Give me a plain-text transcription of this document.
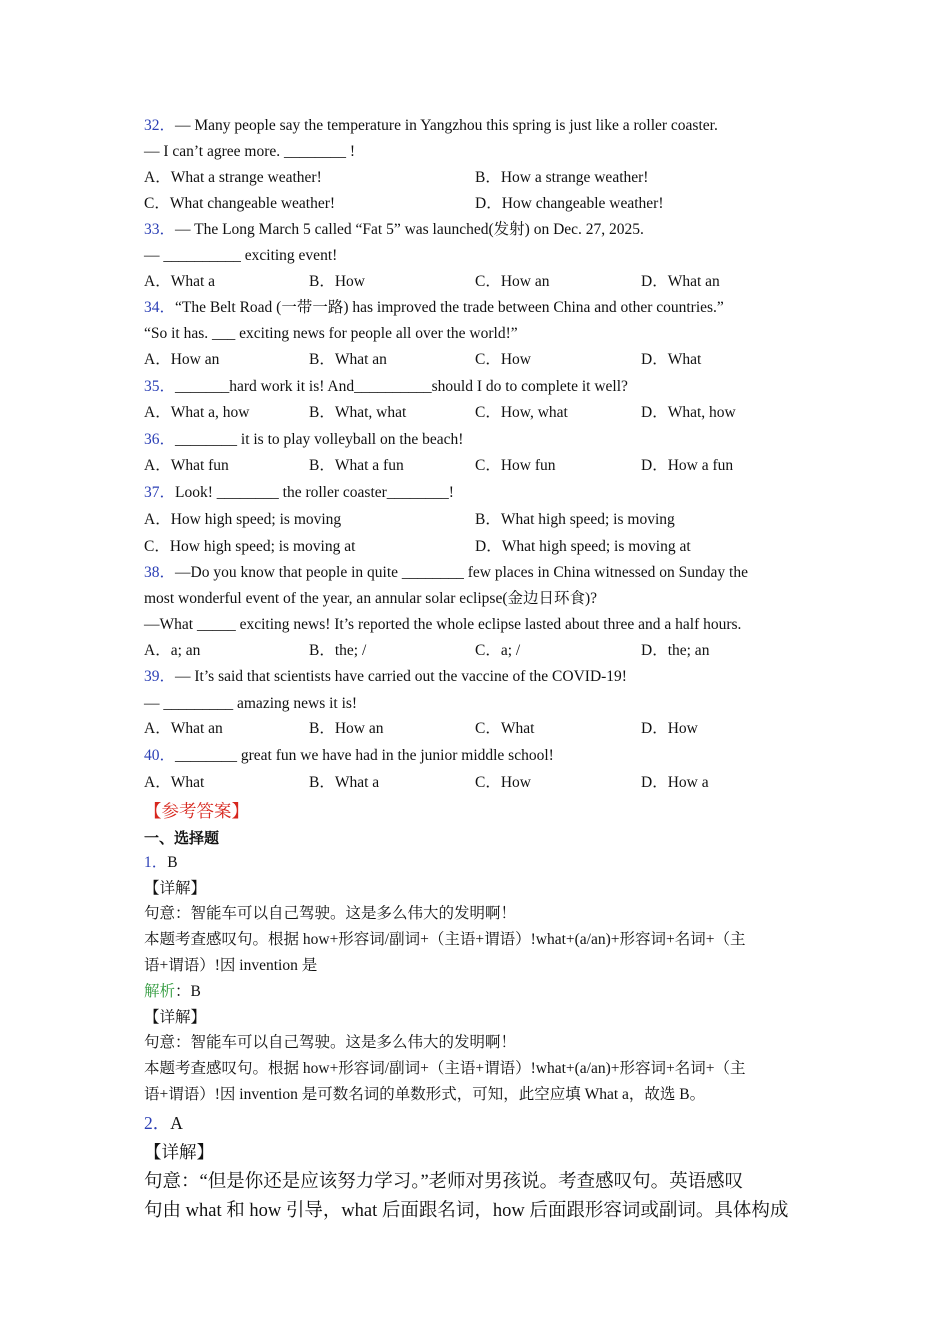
32．— Many people say the temperature in Yangzhou this spring is just like a roller coaster.
— I can’t agree more. ________ !
A．What a strange weather!	B．How a strange weather!
C．What changeable weather!	D．How changeable weather!
33．— The Long March 5 called “Fat 5” was launched(发射) on Dec. 27, 2025.
— __________ exciting event!
A．What a	B．How	C．How an	D．What an
34．“The Belt Road (一带一路) has improved the trade between China and other countries.”
“So it has. ___ exciting news for people all over the world!”
A．How an	B．What an	C．How	D．What
35．_______hard work it is! And__________should I do to complete it well?
A．What a, how	B．What, what	C．How, what	D．What, how
36．________ it is to play volleyball on the beach!
A．What fun	B．What a fun	C．How fun	D．How a fun
37．Look! ________ the roller coaster________!
A．How high speed; is moving	B．What high speed; is moving
C．How high speed; is moving at	D．What high speed; is moving at
38．—Do you know that people in quite ________ few places in China witnessed on Sunday the
most wonderful event of the year, an annular solar eclipse(金边日环食)?
—What _____ exciting news! It’s reported the whole eclipse lasted about three and a half hours.
A．a; an	B．the; /	C．a; /	D．the; an
39．— It’s said that scientists have carried out the vaccine of the COVID-19!
— _________ amazing news it is!
A．What an	B．How an	C．What	D．How
40．________ great fun we have had in the junior middle school!
A．What	B．What a	C．How	D．How a
【参考答案】
一、选择题
1．B
【详解】
句意：智能车可以自己驾驶。这是多么伟大的发明啊！
本题考查感叹句。根据 how+形容词/副词+（主语+谓语）!what+(a/an)+形容词+名词+（主
语+谓语）!因 invention 是
解析：B
【详解】
句意：智能车可以自己驾驶。这是多么伟大的发明啊！
本题考查感叹句。根据 how+形容词/副词+（主语+谓语）!what+(a/an)+形容词+名词+（主
语+谓语）!因 invention 是可数名词的单数形式，可知，此空应填 What a，故选 B。
2．A
【详解】
句意：“但是你还是应该努力学习。”老师对男孩说。考查感叹句。英语感叹
句由 what 和 how 引导，what 后面跟名词，how 后面跟形容词或副词。具体构成
